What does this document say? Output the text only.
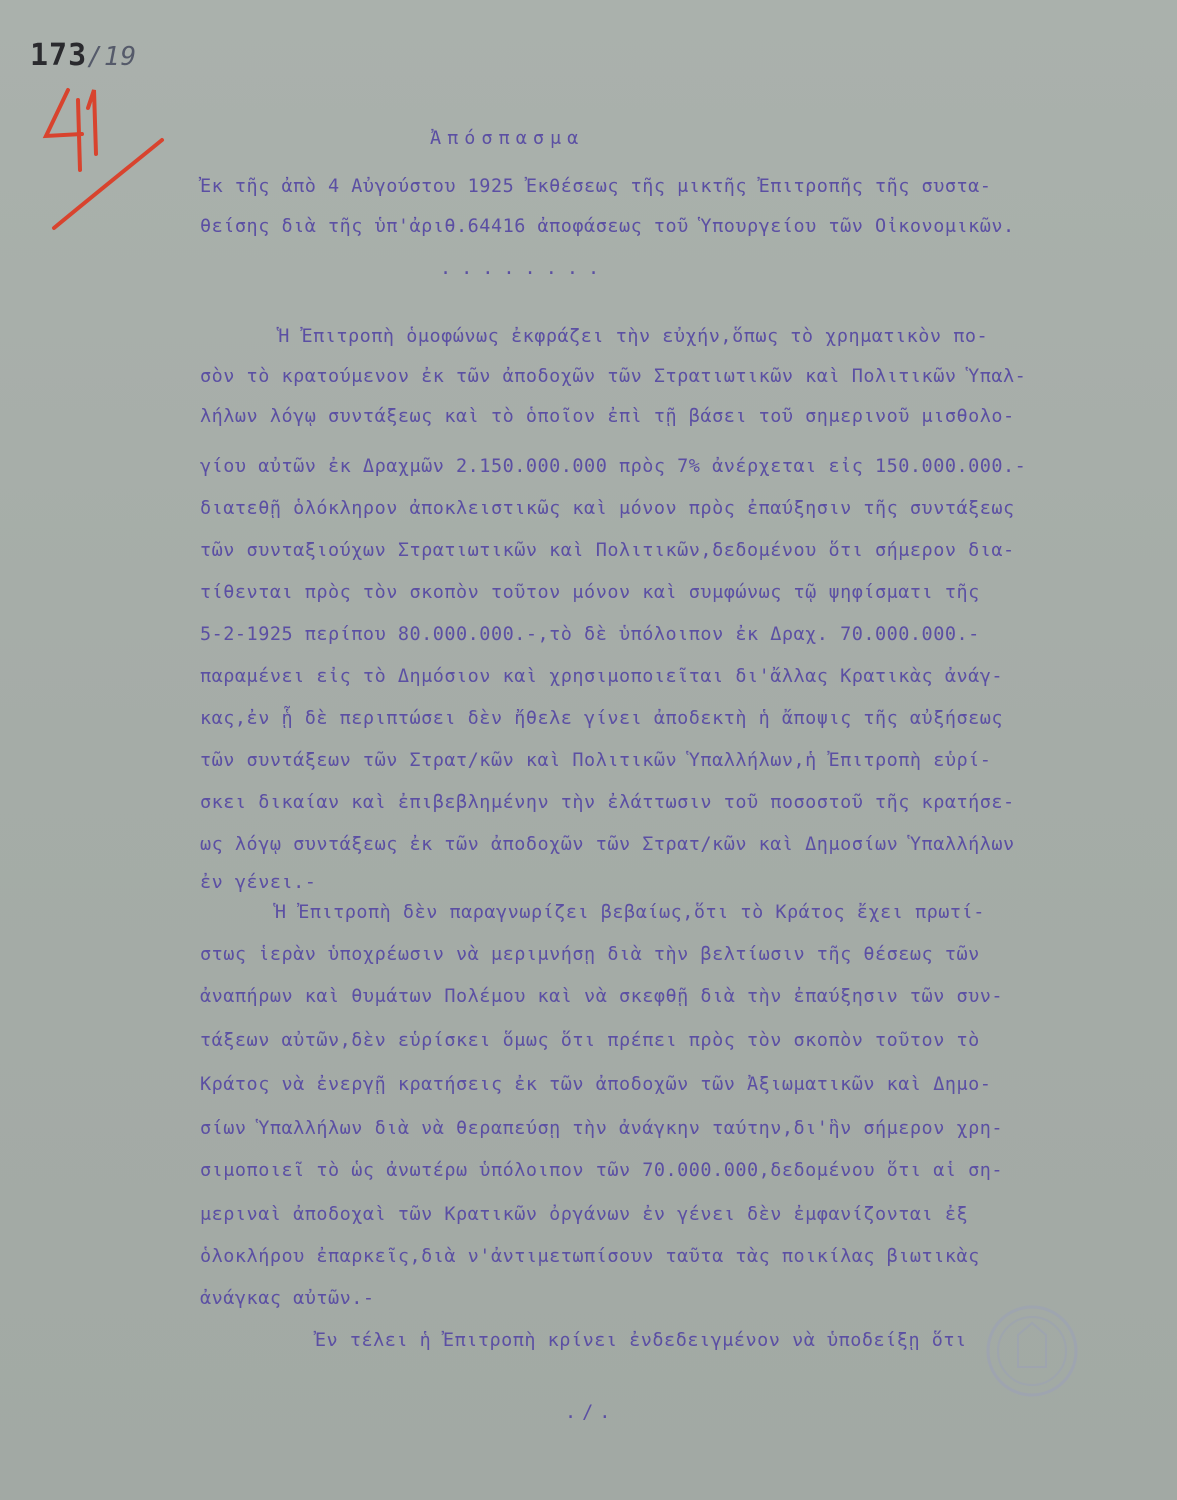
173/19
Ἀπόσπασμα
Ἐκ τῆς ἀπὸ 4 Αὐγούστου 1925 Ἐκθέσεως τῆς μικτῆς Ἐπιτροπῆς τῆς συστα-
θείσης διὰ τῆς ὑπ'ἀριθ.64416 ἀποφάσεως τοῦ Ὑπουργείου τῶν Οἰκονομικῶν.
........
Ἡ Ἐπιτροπὴ ὁμοφώνως ἐκφράζει τὴν εὐχήν,ὅπως τὸ χρηματικὸν πο-
σὸν τὸ κρατούμενον ἐκ τῶν ἀποδοχῶν τῶν Στρατιωτικῶν καὶ Πολιτικῶν Ὑπαλ-
λήλων λόγῳ συντάξεως καὶ τὸ ὁποῖον ἐπὶ τῇ βάσει τοῦ σημερινοῦ μισθολο-
γίου αὐτῶν ἐκ Δραχμῶν 2.150.000.000 πρὸς 7% ἀνέρχεται εἰς 150.000.000.-
διατεθῇ ὁλόκληρον ἀποκλειστικῶς καὶ μόνον πρὸς ἐπαύξησιν τῆς συντάξεως
τῶν συνταξιούχων Στρατιωτικῶν καὶ Πολιτικῶν,δεδομένου ὅτι σήμερον δια-
τίθενται πρὸς τὸν σκοπὸν τοῦτον μόνον καὶ συμφώνως τῷ ψηφίσματι τῆς
5-2-1925 περίπου 80.000.000.-,τὸ δὲ ὑπόλοιπον ἐκ Δραχ. 70.000.000.-
παραμένει εἰς τὸ Δημόσιον καὶ χρησιμοποιεῖται δι'ἄλλας Κρατικὰς ἀνάγ-
κας,ἐν ᾗ δὲ περιπτώσει δὲν ἤθελε γίνει ἀποδεκτὴ ἡ ἄποψις τῆς αὐξήσεως
τῶν συντάξεων τῶν Στρατ/κῶν καὶ Πολιτικῶν Ὑπαλλήλων,ἡ Ἐπιτροπὴ εὑρί-
σκει δικαίαν καὶ ἐπιβεβλημένην τὴν ἐλάττωσιν τοῦ ποσοστοῦ τῆς κρατήσε-
ως λόγῳ συντάξεως ἐκ τῶν ἀποδοχῶν τῶν Στρατ/κῶν καὶ Δημοσίων Ὑπαλλήλων
ἐν γένει.-
Ἡ Ἐπιτροπὴ δὲν παραγνωρίζει βεβαίως,ὅτι τὸ Κράτος ἔχει πρωτί-
στως ἱερὰν ὑποχρέωσιν νὰ μεριμνήσῃ διὰ τὴν βελτίωσιν τῆς θέσεως τῶν
ἀναπήρων καὶ θυμάτων Πολέμου καὶ νὰ σκεφθῇ διὰ τὴν ἐπαύξησιν τῶν συν-
τάξεων αὐτῶν,δὲν εὑρίσκει ὅμως ὅτι πρέπει πρὸς τὸν σκοπὸν τοῦτον τὸ
Κράτος νὰ ἐνεργῇ κρατήσεις ἐκ τῶν ἀποδοχῶν τῶν Ἀξιωματικῶν καὶ Δημο-
σίων Ὑπαλλήλων διὰ νὰ θεραπεύσῃ τὴν ἀνάγκην ταύτην,δι'ἣν σήμερον χρη-
σιμοποιεῖ τὸ ὡς ἀνωτέρω ὑπόλοιπον τῶν 70.000.000,δεδομένου ὅτι αἱ ση-
μεριναὶ ἀποδοχαὶ τῶν Κρατικῶν ὀργάνων ἐν γένει δὲν ἐμφανίζονται ἐξ
ὁλοκλήρου ἐπαρκεῖς,διὰ ν'ἀντιμετωπίσουν ταῦτα τὰς ποικίλας βιωτικὰς
ἀνάγκας αὐτῶν.-
Ἐν τέλει ἡ Ἐπιτροπὴ κρίνει ἐνδεδειγμένον νὰ ὑποδείξῃ ὅτι
./.
